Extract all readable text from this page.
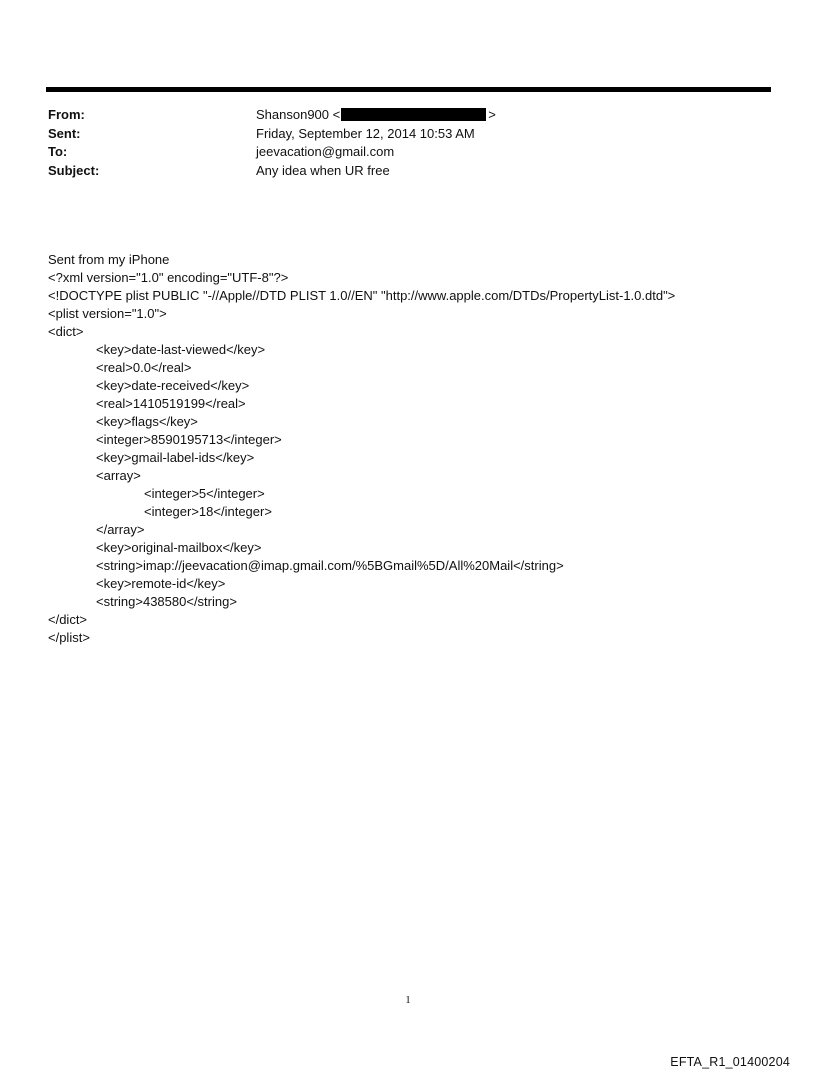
From:	Shanson900 <	>
Sent:	Friday, September 12, 2014 10:53 AM
To:	jeevacation@gmail.com
Subject:	Any idea when UR free
Sent from my iPhone
<?xml version="1.0" encoding="UTF-8"?>
<!DOCTYPE plist PUBLIC "-//Apple//DTD PLIST 1.0//EN" "http://www.apple.com/DTDs/PropertyList-1.0.dtd">
<plist version="1.0">
<dict>
<key>date-last-viewed</key>
<real>0.0</real>
<key>date-received</key>
<real>1410519199</real>
<key>flags</key>
<integer>8590195713</integer>
<key>gmail-label-ids</key>
<array>
<integer>5</integer>
<integer>18</integer>
</array>
<key>original-mailbox</key>
<string>imap://jeevacation@imap.gmail.com/%5BGmail%5D/All%20Mail</string>
<key>remote-id</key>
<string>438580</string>
</dict>
</plist>
1
EFTA_R1_01400204
